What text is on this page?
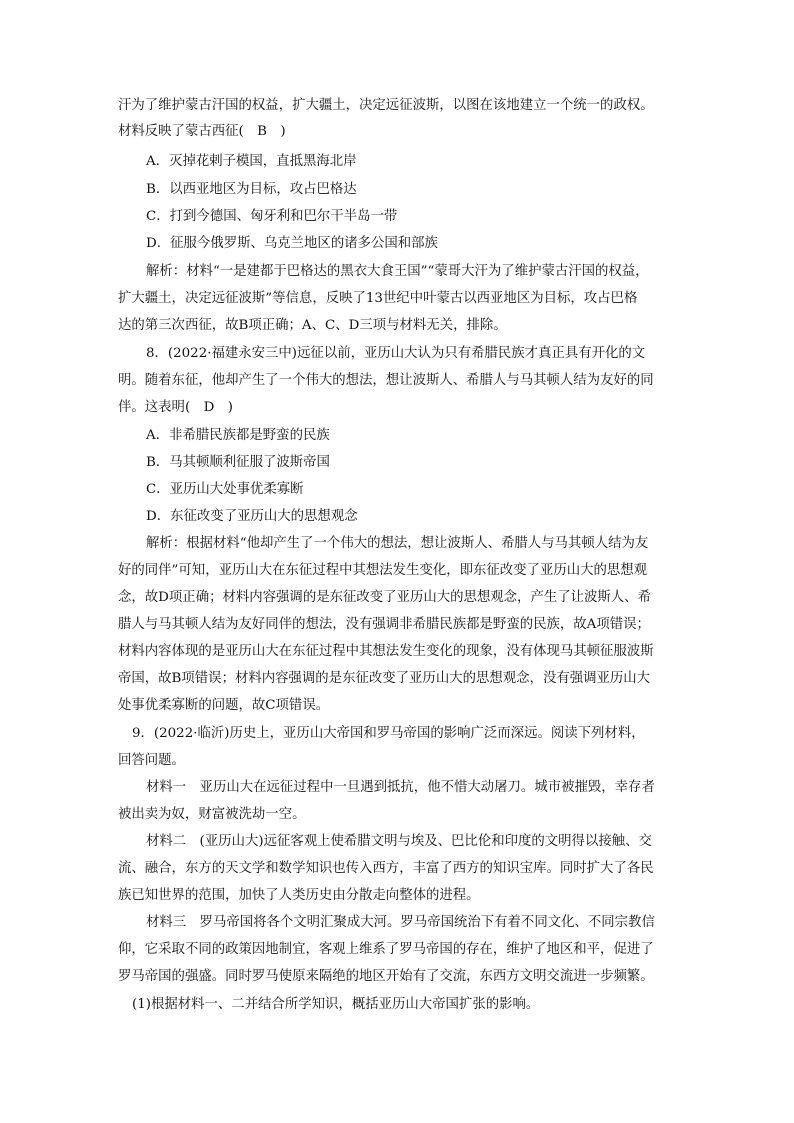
汗为了维护蒙古汗国的权益，扩大疆土，决定远征波斯，以图在该地建立一个统一的政权。
材料反映了蒙古西征(　B　)
A．灭掉花剌子模国，直抵黑海北岸
B．以西亚地区为目标，攻占巴格达
C．打到今德国、匈牙利和巴尔干半岛一带
D．征服今俄罗斯、乌克兰地区的诸多公国和部族
解析：材料“一是建都于巴格达的黑衣大食王国”“蒙哥大汗为了维护蒙古汗国的权益，
扩大疆土，决定远征波斯”等信息，反映了13世纪中叶蒙古以西亚地区为目标，攻占巴格
达的第三次西征，故B项正确；A、C、D三项与材料无关，排除。
8．(2022·福建永安三中)远征以前，亚历山大认为只有希腊民族才真正具有开化的文
明。随着东征，他却产生了一个伟大的想法，想让波斯人、希腊人与马其顿人结为友好的同
伴。这表明(　D　)
A．非希腊民族都是野蛮的民族
B．马其顿顺利征服了波斯帝国
C．亚历山大处事优柔寡断
D．东征改变了亚历山大的思想观念
解析：根据材料“他却产生了一个伟大的想法，想让波斯人、希腊人与马其顿人结为友
好的同伴”可知，亚历山大在东征过程中其想法发生变化，即东征改变了亚历山大的思想观
念，故D项正确；材料内容强调的是东征改变了亚历山大的思想观念，产生了让波斯人、希
腊人与马其顿人结为友好同伴的想法，没有强调非希腊民族都是野蛮的民族，故A项错误；
材料内容体现的是亚历山大在东征过程中其想法发生变化的现象，没有体现马其顿征服波斯
帝国，故B项错误；材料内容强调的是东征改变了亚历山大的思想观念，没有强调亚历山大
处事优柔寡断的问题，故C项错误。
9．(2022·临沂)历史上，亚历山大帝国和罗马帝国的影响广泛而深远。阅读下列材料，
回答问题。
材料一　亚历山大在远征过程中一旦遇到抵抗，他不惜大动屠刀。城市被摧毁，幸存者
被出卖为奴，财富被洗劫一空。
材料二　(亚历山大)远征客观上使希腊文明与埃及、巴比伦和印度的文明得以接触、交
流、融合，东方的天文学和数学知识也传入西方，丰富了西方的知识宝库。同时扩大了各民
族已知世界的范围，加快了人类历史由分散走向整体的进程。
材料三　罗马帝国将各个文明汇聚成大河。罗马帝国统治下有着不同文化、不同宗教信
仰，它采取不同的政策因地制宜，客观上维系了罗马帝国的存在，维护了地区和平，促进了
罗马帝国的强盛。同时罗马使原来隔绝的地区开始有了交流，东西方文明交流进一步频繁。
(1)根据材料一、二并结合所学知识，概括亚历山大帝国扩张的影响。
